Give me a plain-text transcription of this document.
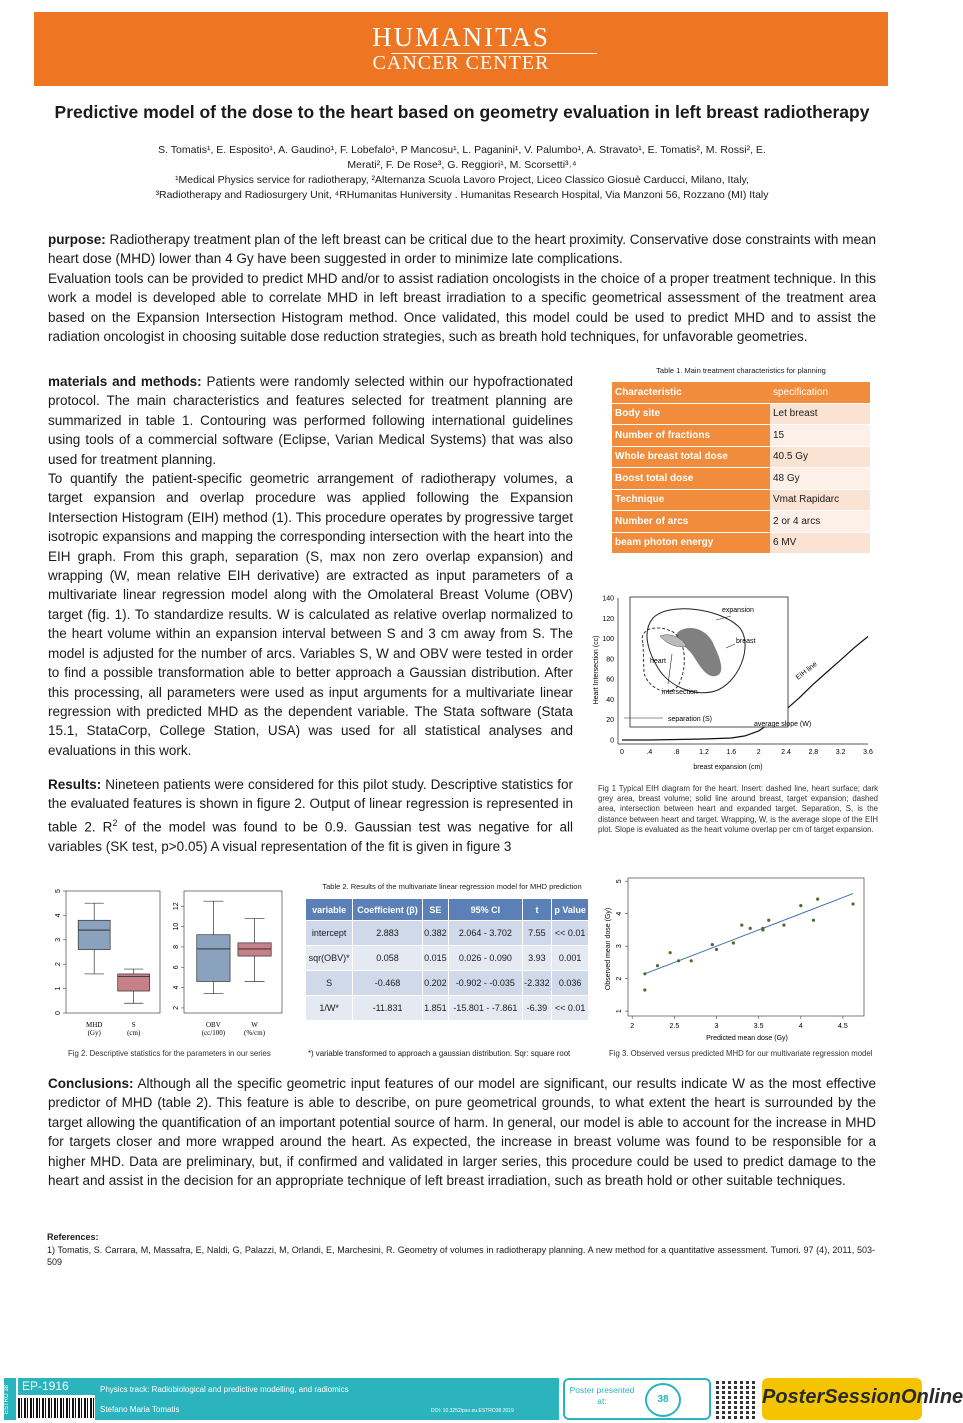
HUMANITAS
CANCER CENTER
Predictive model of the dose to the heart based on geometry evaluation in left breast radiotherapy

S. Tomatis¹, E. Esposito¹, A. Gaudino¹, F. Lobefalo¹, P Mancosu¹, L. Paganini¹, V. Palumbo¹, A. Stravato¹, E. Tomatis², M. Rossi², E.

Merati², F. De Rose³, G. Reggiori¹, M. Scorsetti³˒⁴

¹Medical Physics service for radiotherapy, ²Alternanza Scuola Lavoro Project, Liceo Classico Giosuè Carducci, Milano, Italy,

³Radiotherapy and Radiosurgery Unit, ⁴RHumanitas Huniversity . Humanitas Research Hospital, Via Manzoni 56, Rozzano (MI) Italy

purpose: Radiotherapy treatment plan of the left breast can be critical due to the heart proximity. Conservative dose constraints with mean heart dose (MHD) lower than 4 Gy have been suggested in order to minimize late complications.

Evaluation tools can be provided to predict MHD and/or to assist radiation oncologists in the choice of a proper treatment technique. In this work a model is developed able to correlate MHD in left breast irradiation to a specific geometrical assessment of the treatment area based on the Expansion Intersection Histogram method. Once validated, this model could be used to predict MHD and to assist the radiation oncologist in choosing suitable dose reduction strategies, such as breath hold techniques, for unfavorable geometries.

materials and methods: Patients were randomly selected within our hypofractionated protocol. The main characteristics and features selected for treatment planning are summarized in table 1. Contouring was performed following international guidelines using tools of a commercial software (Eclipse, Varian Medical Systems) that was also used for treatment planning.

To quantify the patient-specific geometric arrangement of radiotherapy volumes, a target expansion and overlap procedure was applied following the Expansion Intersection Histogram (EIH) method (1). This procedure operates by progressive target isotropic expansions and mapping the corresponding intersection with the heart into the EIH graph. From this graph, separation (S, max non zero overlap expansion) and wrapping (W, mean relative EIH derivative) are extracted as input parameters of a multivariate linear regression model along with the Omolateral Breast Volume (OBV) target (fig. 1). To standardize results. W is calculated as relative overlap normalized to the heart volume within an expansion interval between S and 3 cm away from S. The model is adjusted for the number of arcs. Variables S, W and OBV were tested in order to find a possible transformation able to better approach a Gaussian distribution. After this processing, all parameters were used as input arguments for a multivariate linear regression with predicted MHD as the dependent variable. The Stata software (Stata 15.1, StataCorp, College Station, USA) was used for all statistical analyses and evaluations in this work.

Results: Nineteen patients were considered for this pilot study. Descriptive statistics for the evaluated features is shown in figure 2. Output of linear regression is represented in table 2. $R^2$ of the model was found to be 0.9. Gaussian test was negative for all variables (SK test, p>0.05) A visual representation of the fit is given in figure 3

Table 1. Main treatment characteristics for planning
Characteristic	specification
Body site	Let breast
Number of fractions	15
Whole breast total dose	40.5 Gy
Boost total dose	48 Gy
Technique	Vmat Rapidarc
Number of arcs	2 or 4 arcs
beam photon energy	6 MV
0	.4	.8	1.2	1.6	2	2.4	2.8	3.2	3.6
0
20
40
60
80
100
120
140
expansion
breast
heart
intersection
EIH line
separation (S)
average slope (W)
breast expansion (cm)
Heart Intersection (cc)
Fig 1 Typical EIH diagram for the heart. Insert: dashed line, heart surface; dark grey area, breast volume; solid line around breast, target expansion; dashed area, intersection between heart and expanded target. Separation, S, is the distance between heart and target. Wrapping, W, is the average slope of the EIH plot. Slope is evaluated as the heart volume overlap per cm of target expansion.
0
1
2
3
4
5
MHD
(Gy)
S
(cm)
2
4
6
8
10
12
OBV
(cc/100)
W
(%/cm)
Fig 2. Descriptive statistics for the parameters in our series
Table 2. Results of the multivariate linear regression model for MHD prediction
variable	Coefficient (β)	SE	95% CI	t	p Value
intercept	2.883	0.382	2.064 - 3.702	7.55	<< 0.01
sqr(OBV)*	0.058	0.015	0.026 - 0.090	3.93	0.001
S	-0.468	0.202	-0.902 - -0.035	-2.332	0.036
1/W*	-11.831	1.851	-15.801 - -7.861	-6.39	<< 0.01
*) variable transformed to approach a gaussian distribution. Sqr: square root
2	2.5	3	3.5	4	4.5
1
2
3
4
5
Predicted mean dose (Gy)
Observed mean dose (Gy)
Fig 3. Observed versus predicted MHD for our multivariate regression model

Conclusions: Although all the specific geometric input features of our model are significant, our results indicate W as the most effective predictor of MHD (table 2). This feature is able to describe, on pure geometrical grounds, to what extent the heart is surrounded by the target allowing the quantification of an important potential source of harm. In general, our model is able to account for the increase in MHD for targets closer and more wrapped around the heart. As expected, the increase in breast volume was found to be responsible for a higher MHD. Data are preliminary, but, if confirmed and validated in larger series, this procedure could be used to predict damage to the heart and assist in the decision for an appropriate technique of left breast irradiation, such as breath hold or other suitable techniques.

References:
1) Tomatis, S. Carrara, M, Massafra, E, Naldi, G, Palazzi, M, Orlandi, E, Marchesini, R. Geometry of volumes in radiotherapy planning. A new method for a quantitative assessment. Tumori. 97 (4), 2011, 503-509
ESTRO 38	EP-1916	Physics track: Radiobiological and predictive modelling, and radiomics
Stefano Maria Tomatis	DOI: 10.3252/pso.eu.ESTRO38.2019
Poster presented at:	38	PosterSessionOnline
